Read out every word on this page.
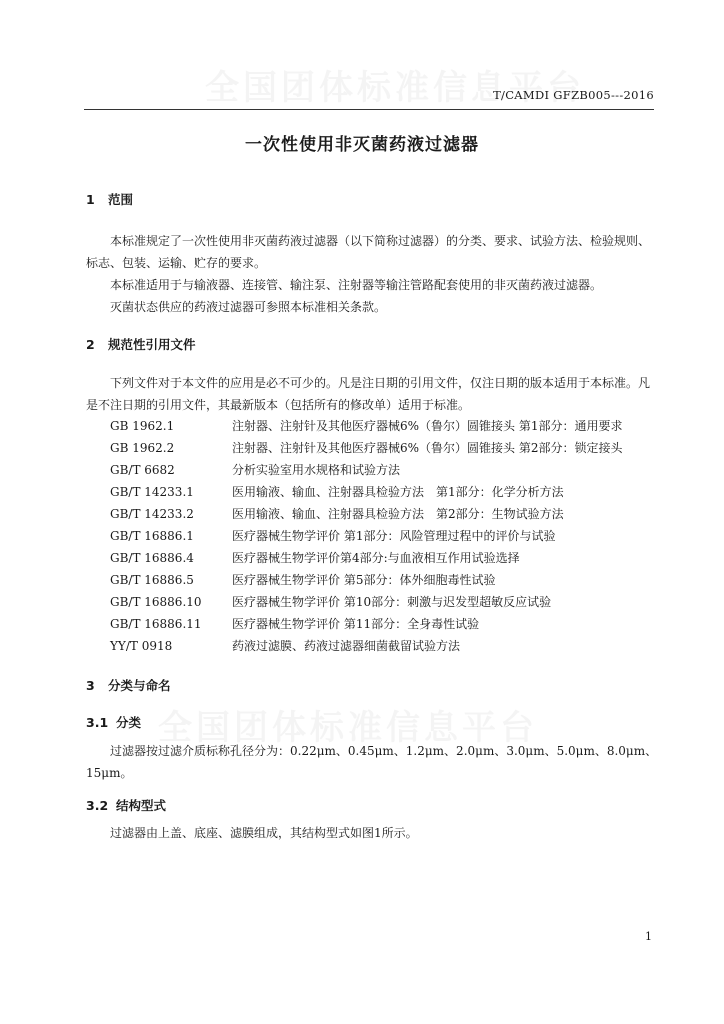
T/CAMDI GFZB005---2016
一次性使用非灭菌药液过滤器
1 范围
本标准规定了一次性使用非灭菌药液过滤器（以下简称过滤器）的分类、要求、试验方法、检验规则、标志、包装、运输、贮存的要求。
本标准适用于与输液器、连接管、输注泵、注射器等输注管路配套使用的非灭菌药液过滤器。
灭菌状态供应的药液过滤器可参照本标准相关条款。
2 规范性引用文件
下列文件对于本文件的应用是必不可少的。凡是注日期的引用文件，仅注日期的版本适用于本标准。凡是不注日期的引用文件，其最新版本（包括所有的修改单）适用于标准。
GB 1962.1	注射器、注射针及其他医疗器械6%（鲁尔）圆锥接头 第1部分：通用要求
GB 1962.2	注射器、注射针及其他医疗器械6%（鲁尔）圆锥接头 第2部分：锁定接头
GB/T 6682	分析实验室用水规格和试验方法
GB/T 14233.1	医用输液、输血、注射器具检验方法　第1部分：化学分析方法
GB/T 14233.2	医用输液、输血、注射器具检验方法　第2部分：生物试验方法
GB/T 16886.1	医疗器械生物学评价 第1部分：风险管理过程中的评价与试验
GB/T 16886.4	医疗器械生物学评价第4部分:与血液相互作用试验选择
GB/T 16886.5	医疗器械生物学评价 第5部分：体外细胞毒性试验
GB/T 16886.10	医疗器械生物学评价 第10部分：刺激与迟发型超敏反应试验
GB/T 16886.11	医疗器械生物学评价 第11部分：全身毒性试验
YY/T 0918	药液过滤膜、药液过滤器细菌截留试验方法
3 分类与命名
3.1 分类
过滤器按过滤介质标称孔径分为：0.22μm、0.45μm、1.2μm、2.0μm、3.0μm、5.0μm、8.0μm、15μm。
3.2 结构型式
过滤器由上盖、底座、滤膜组成，其结构型式如图1所示。
1
